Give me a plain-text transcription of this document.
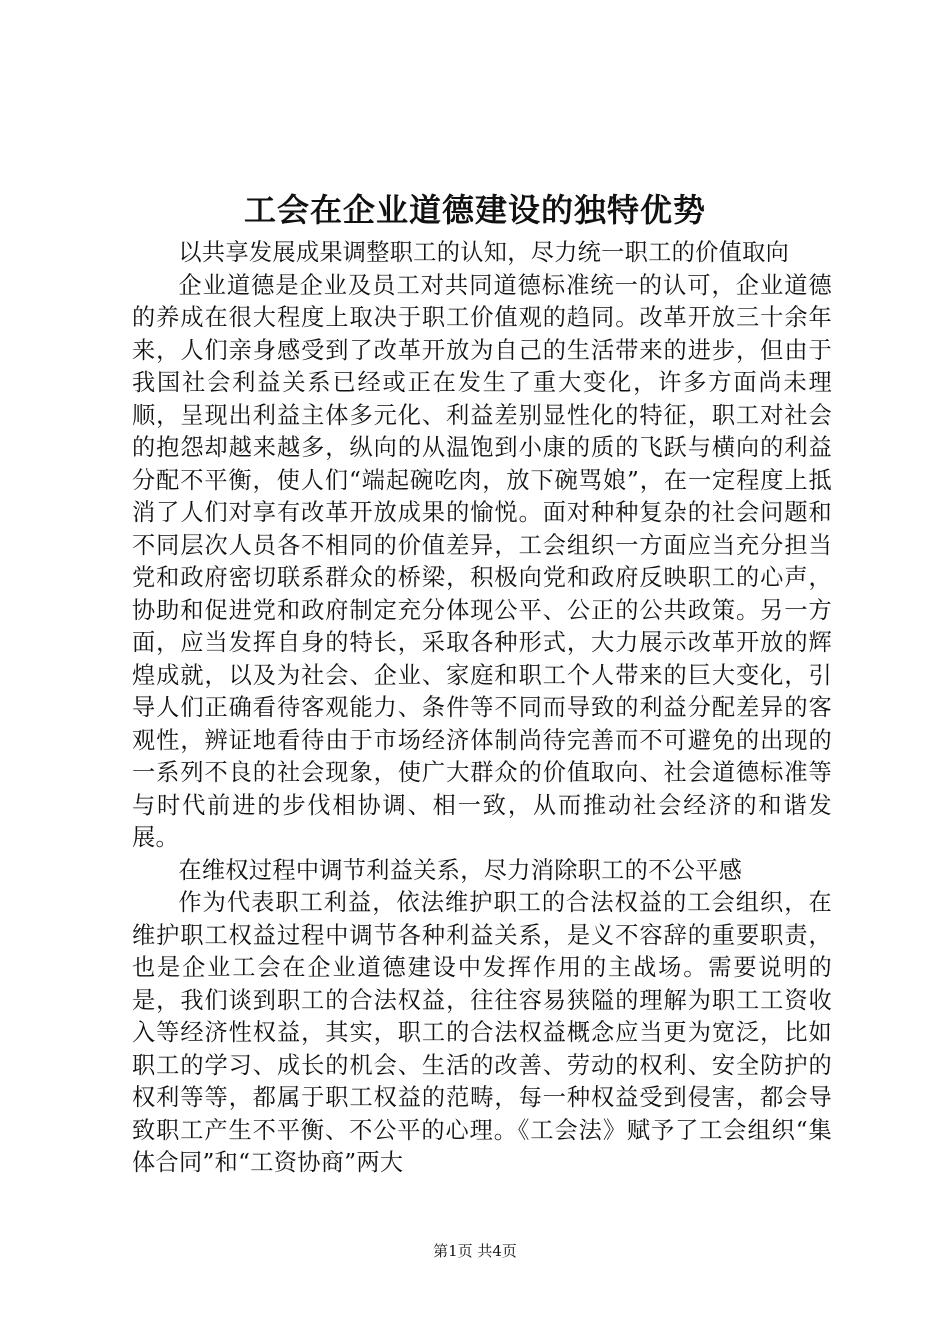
工会在企业道德建设的独特优势

以共享发展成果调整职工的认知，尽力统一职工的价值取向

企业道德是企业及员工对共同道德标准统一的认可，企业道德的养成在很大程度上取决于职工价值观的趋同。改革开放三十余年来，人们亲身感受到了改革开放为自己的生活带来的进步，但由于我国社会利益关系已经或正在发生了重大变化，许多方面尚未理顺，呈现出利益主体多元化、利益差别显性化的特征，职工对社会的抱怨却越来越多，纵向的从温饱到小康的质的飞跃与横向的利益分配不平衡，使人们“端起碗吃肉，放下碗骂娘”，在一定程度上抵消了人们对享有改革开放成果的愉悦。面对种种复杂的社会问题和不同层次人员各不相同的价值差异，工会组织一方面应当充分担当党和政府密切联系群众的桥梁，积极向党和政府反映职工的心声，协助和促进党和政府制定充分体现公平、公正的公共政策。另一方面，应当发挥自身的特长，采取各种形式，大力展示改革开放的辉煌成就，以及为社会、企业、家庭和职工个人带来的巨大变化，引导人们正确看待客观能力、条件等不同而导致的利益分配差异的客观性，辨证地看待由于市场经济体制尚待完善而不可避免的出现的一系列不良的社会现象，使广大群众的价值取向、社会道德标准等与时代前进的步伐相协调、相一致，从而推动社会经济的和谐发展。

在维权过程中调节利益关系，尽力消除职工的不公平感

作为代表职工利益，依法维护职工的合法权益的工会组织，在维护职工权益过程中调节各种利益关系，是义不容辞的重要职责，也是企业工会在企业道德建设中发挥作用的主战场。需要说明的是，我们谈到职工的合法权益，往往容易狭隘的理解为职工工资收入等经济性权益，其实，职工的合法权益概念应当更为宽泛，比如职工的学习、成长的机会、生活的改善、劳动的权利、安全防护的权利等等，都属于职工权益的范畴，每一种权益受到侵害，都会导致职工产生不平衡、不公平的心理。《工会法》赋予了工会组织“集体合同”和“工资协商”两大

第1页 共4页
